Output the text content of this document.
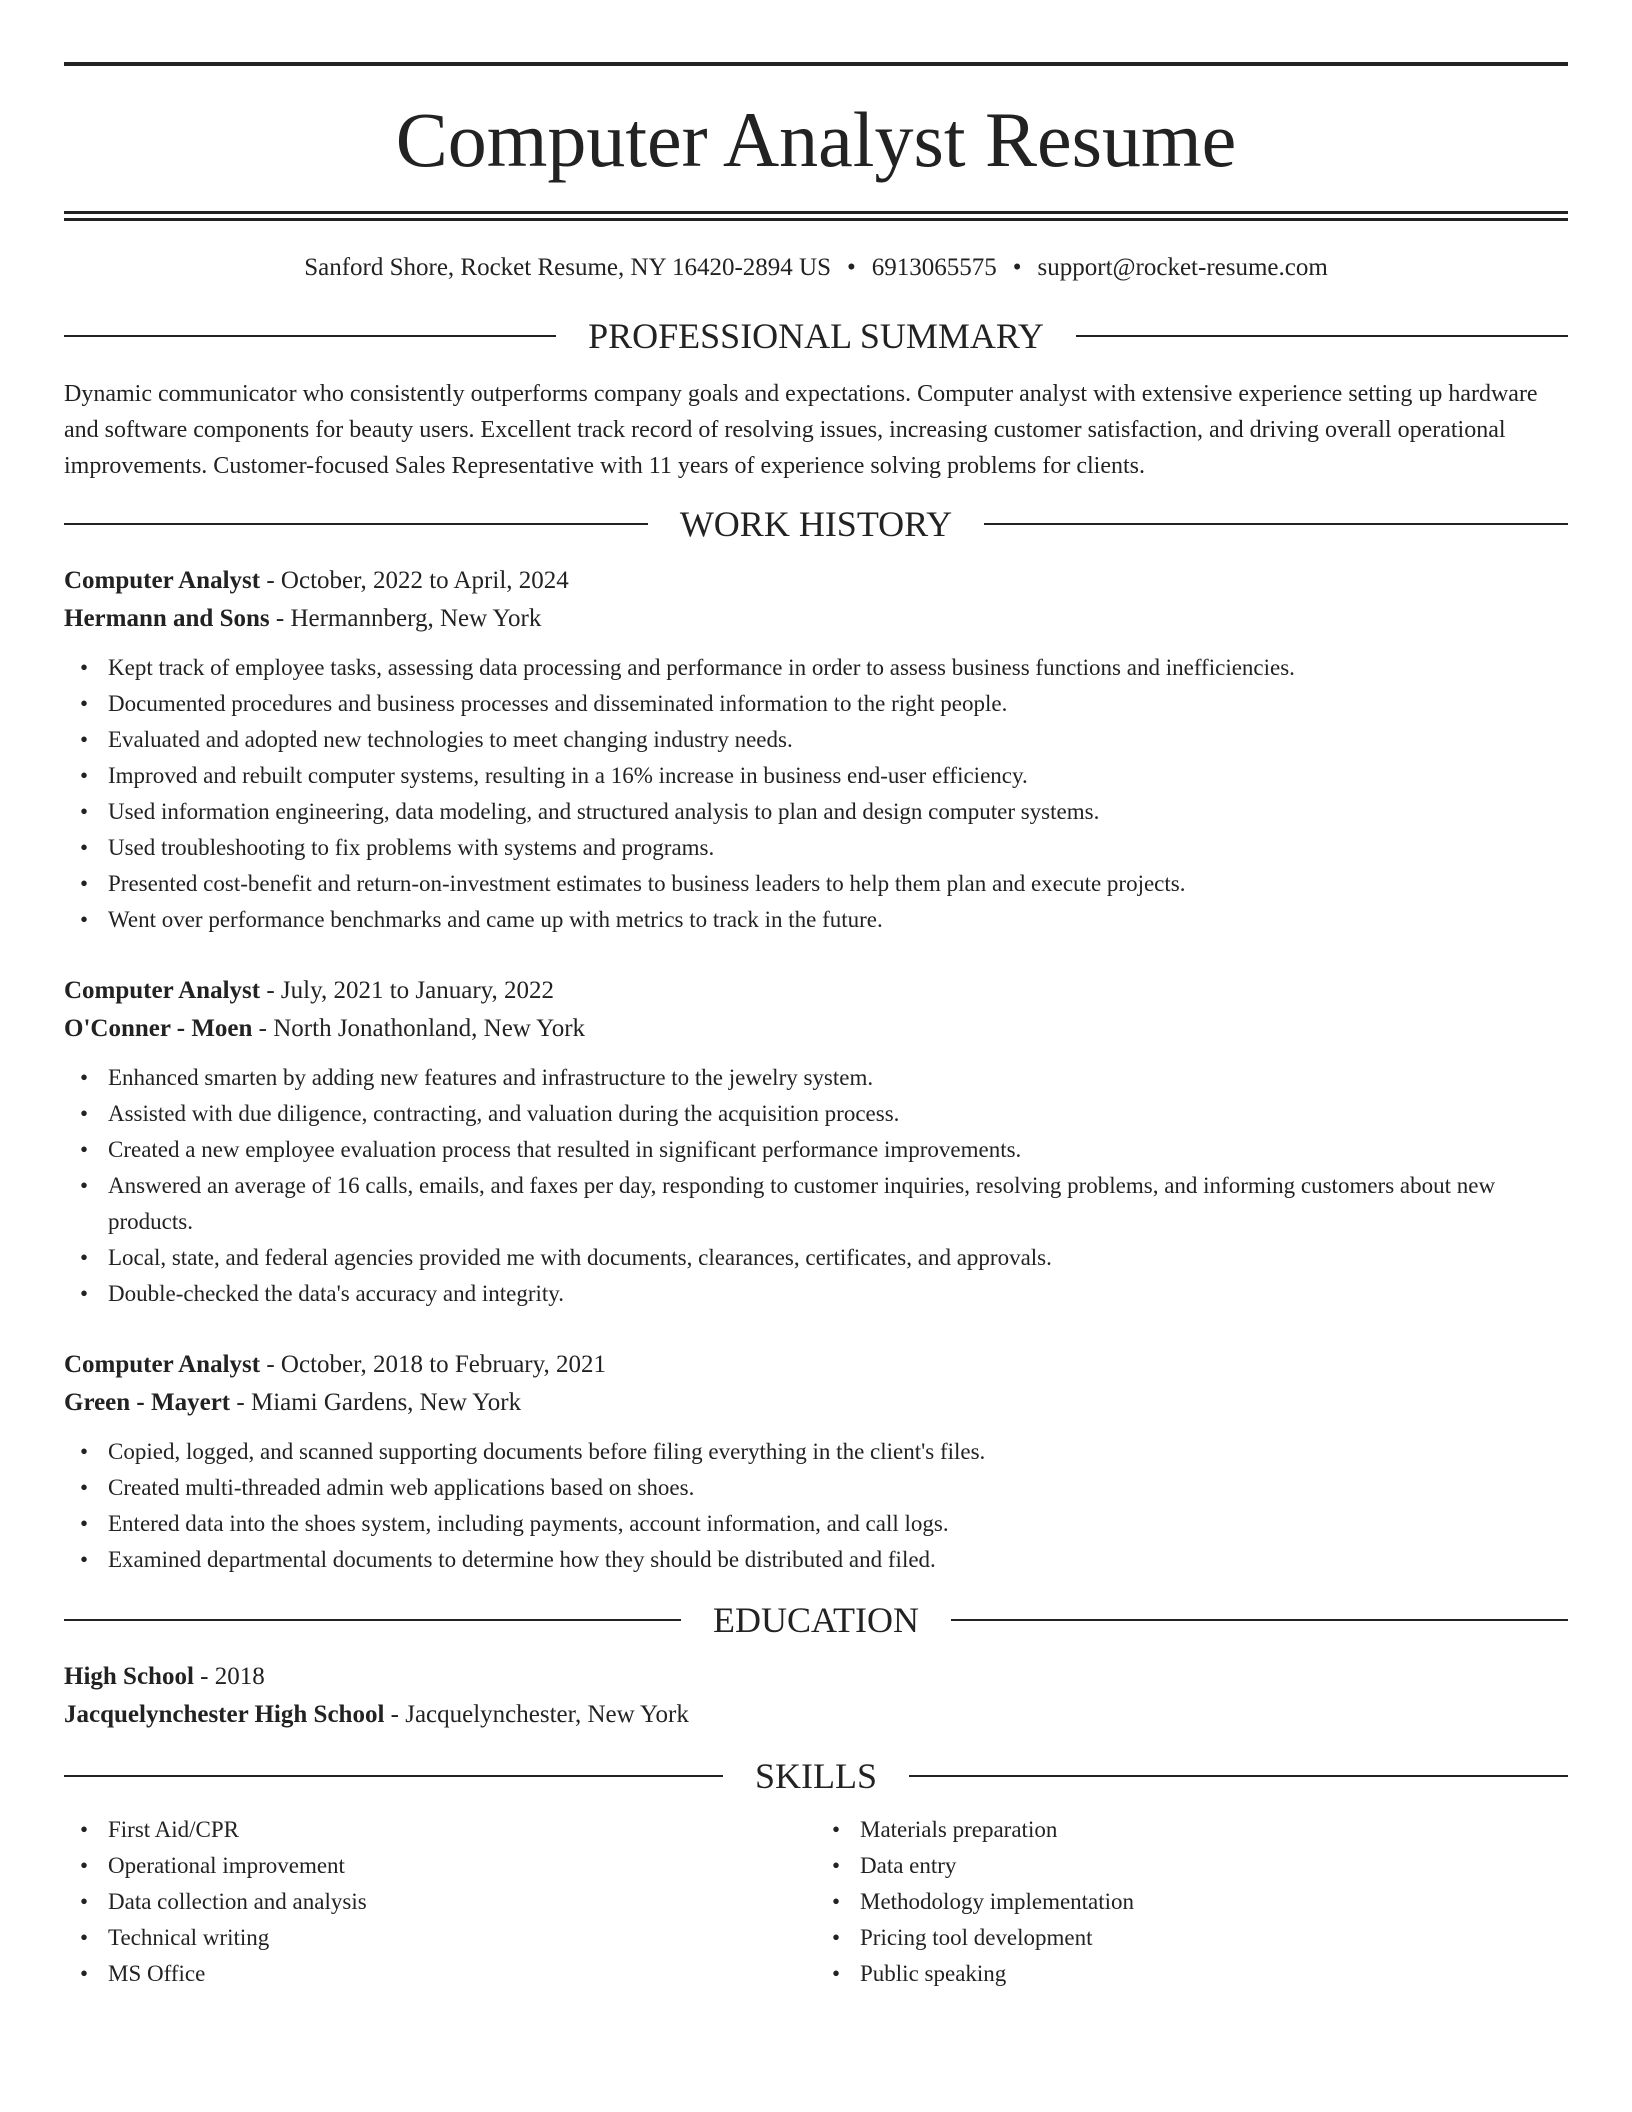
Computer Analyst Resume
Sanford Shore, Rocket Resume, NY 16420-2894 US • 6913065575 • support@rocket-resume.com
PROFESSIONAL SUMMARY

Dynamic communicator who consistently outperforms company goals and expectations. Computer analyst with extensive experience setting up hardware and software components for beauty users. Excellent track record of resolving issues, increasing customer satisfaction, and driving overall operational improvements. Customer-focused Sales Representative with 11 years of experience solving problems for clients.

WORK HISTORY
Computer Analyst - October, 2022 to April, 2024
Hermann and Sons - Hermannberg, New York
• Kept track of employee tasks, assessing data processing and performance in order to assess business functions and inefficiencies.
• Documented procedures and business processes and disseminated information to the right people.
• Evaluated and adopted new technologies to meet changing industry needs.
• Improved and rebuilt computer systems, resulting in a 16% increase in business end-user efficiency.
• Used information engineering, data modeling, and structured analysis to plan and design computer systems.
• Used troubleshooting to fix problems with systems and programs.
• Presented cost-benefit and return-on-investment estimates to business leaders to help them plan and execute projects.
• Went over performance benchmarks and came up with metrics to track in the future.
Computer Analyst - July, 2021 to January, 2022
O'Conner - Moen - North Jonathonland, New York
• Enhanced smarten by adding new features and infrastructure to the jewelry system.
• Assisted with due diligence, contracting, and valuation during the acquisition process.
• Created a new employee evaluation process that resulted in significant performance improvements.
• Answered an average of 16 calls, emails, and faxes per day, responding to customer inquiries, resolving problems, and informing customers about new products.
• Local, state, and federal agencies provided me with documents, clearances, certificates, and approvals.
• Double-checked the data's accuracy and integrity.
Computer Analyst - October, 2018 to February, 2021
Green - Mayert - Miami Gardens, New York
• Copied, logged, and scanned supporting documents before filing everything in the client's files.
• Created multi-threaded admin web applications based on shoes.
• Entered data into the shoes system, including payments, account information, and call logs.
• Examined departmental documents to determine how they should be distributed and filed.
EDUCATION
High School - 2018
Jacquelynchester High School - Jacquelynchester, New York
SKILLS
• First Aid/CPR
• Operational improvement
• Data collection and analysis
• Technical writing
• MS Office
• Materials preparation
• Data entry
• Methodology implementation
• Pricing tool development
• Public speaking
